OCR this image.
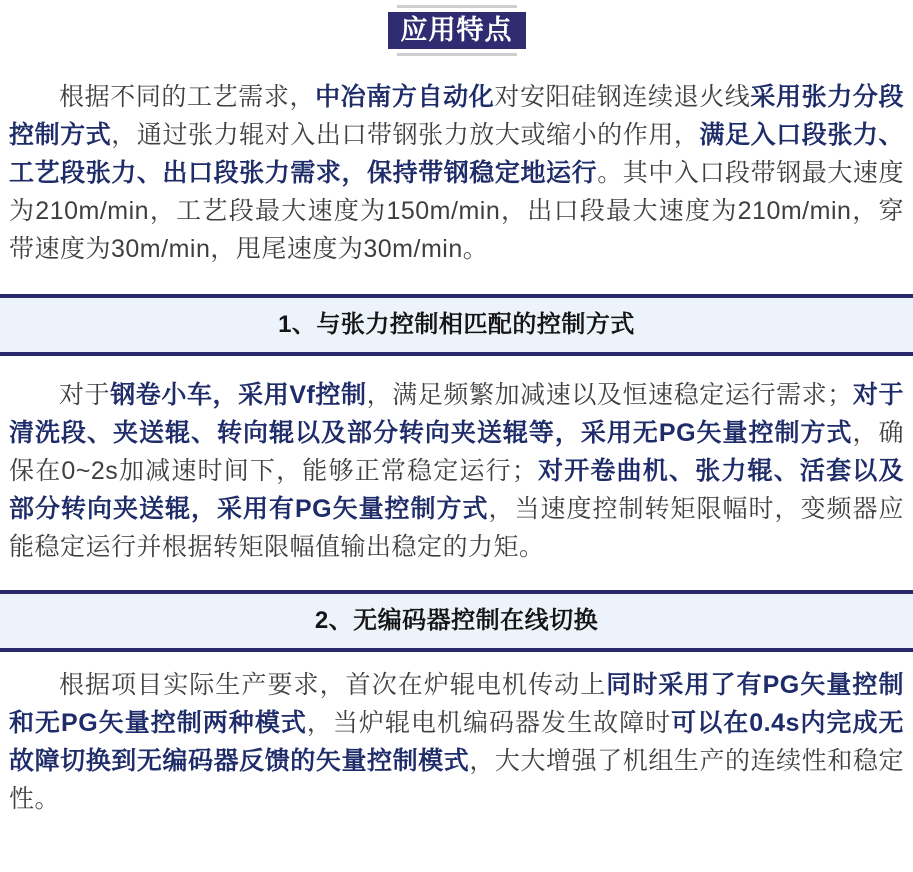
应用特点

根据不同的工艺需求，中冶南方自动化对安阳硅钢连续退火线采用张力分段控制方式，通过张力辊对入出口带钢张力放大或缩小的作用，满足入口段张力、工艺段张力、出口段张力需求，保持带钢稳定地运行。其中入口段带钢最大速度为210m/min，工艺段最大速度为150m/min，出口段最大速度为210m/min，穿带速度为30m/min，甩尾速度为30m/min。

1、与张力控制相匹配的控制方式

对于钢卷小车，采用Vf控制，满足频繁加减速以及恒速稳定运行需求；对于清洗段、夹送辊、转向辊以及部分转向夹送辊等，采用无PG矢量控制方式，确保在0~2s加减速时间下，能够正常稳定运行；对开卷曲机、张力辊、活套以及部分转向夹送辊，采用有PG矢量控制方式，当速度控制转矩限幅时，变频器应能稳定运行并根据转矩限幅值输出稳定的力矩。

2、无编码器控制在线切换

根据项目实际生产要求，首次在炉辊电机传动上同时采用了有PG矢量控制和无PG矢量控制两种模式，当炉辊电机编码器发生故障时可以在0.4s内完成无故障切换到无编码器反馈的矢量控制模式，大大增强了机组生产的连续性和稳定性。
